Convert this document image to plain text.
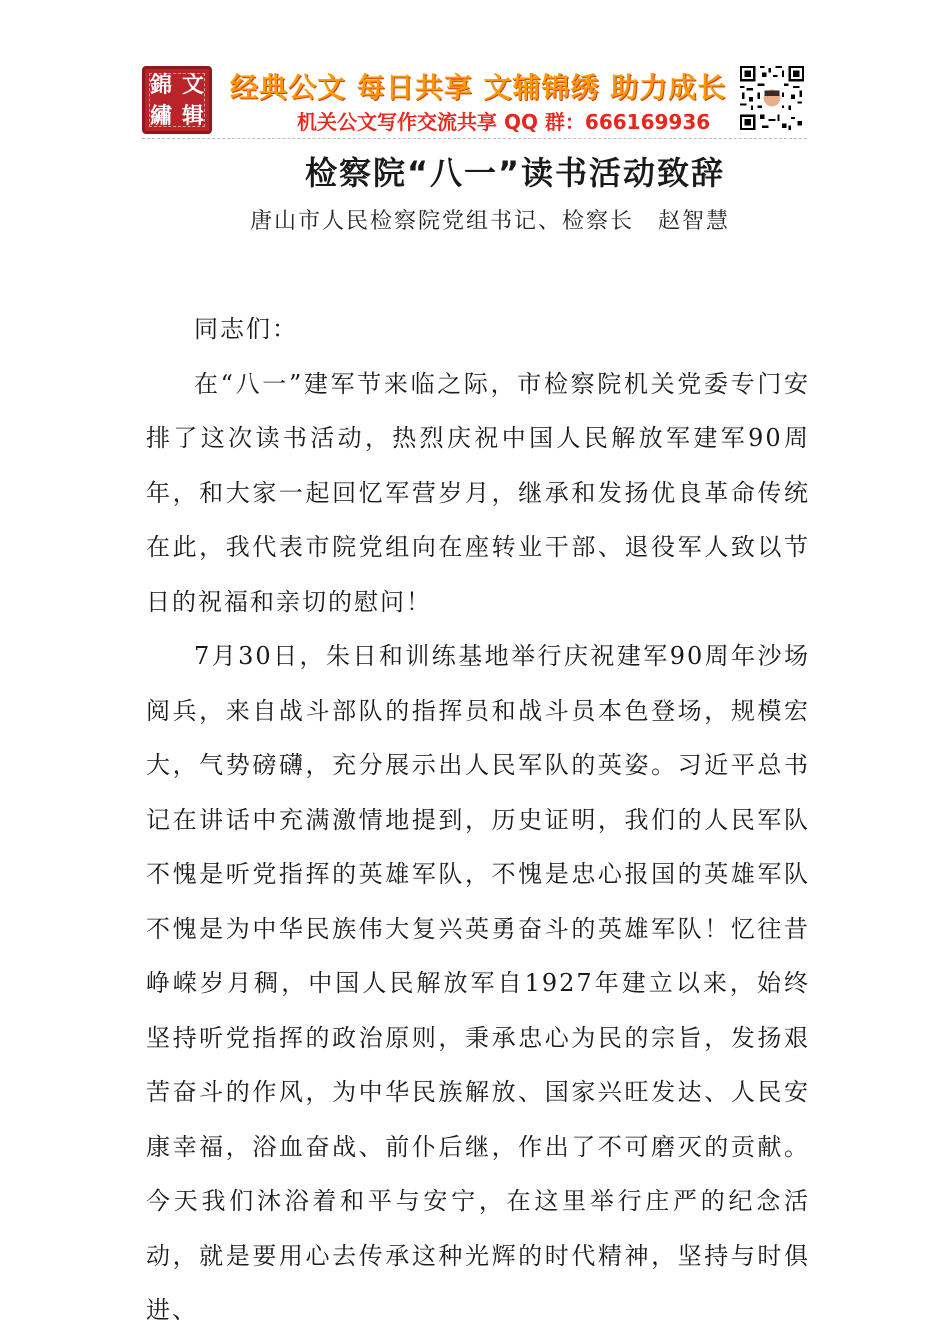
錦 文
繡 辑
经典公文 每日共享 文辅锦绣 助力成长
机关公文写作交流共享 QQ 群：666169936
检察院“八一”读书活动致辞
唐山市人民检察院党组书记、检察长　赵智慧

同志们：

在“八一”建军节来临之际，市检察院机关党委专门安排了这次读书活动，热烈庆祝中国人民解放军建军90周年，和大家一起回忆军营岁月，继承和发扬优良革命传统在此，我代表市院党组向在座转业干部、退役军人致以节日的祝福和亲切的慰问！

7月30日，朱日和训练基地举行庆祝建军90周年沙场阅兵，来自战斗部队的指挥员和战斗员本色登场，规模宏大，气势磅礴，充分展示出人民军队的英姿。习近平总书记在讲话中充满激情地提到，历史证明，我们的人民军队不愧是听党指挥的英雄军队，不愧是忠心报国的英雄军队不愧是为中华民族伟大复兴英勇奋斗的英雄军队！忆往昔峥嵘岁月稠，中国人民解放军自1927年建立以来，始终坚持听党指挥的政治原则，秉承忠心为民的宗旨，发扬艰苦奋斗的作风，为中华民族解放、国家兴旺发达、人民安康幸福，浴血奋战、前仆后继，作出了不可磨灭的贡献。今天我们沐浴着和平与安宁，在这里举行庄严的纪念活动，就是要用心去传承这种光辉的时代精神，坚持与时俱进、
